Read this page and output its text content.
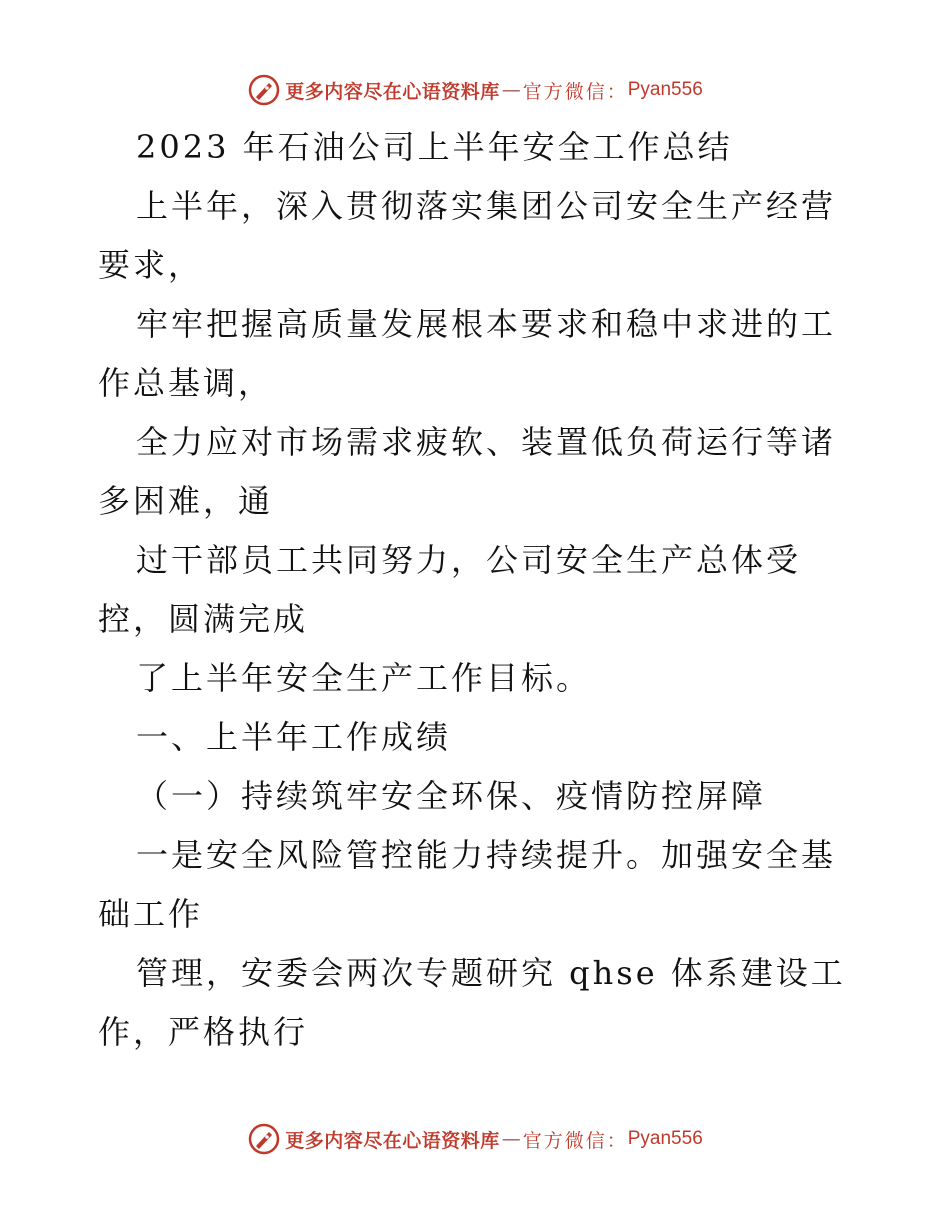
更多内容尽在心语资料库 — 官方微信： Pyan556

2023 年石油公司上半年安全工作总结

上半年，深入贯彻落实集团公司安全生产经营要求，

牢牢把握高质量发展根本要求和稳中求进的工作总基调，

全力应对市场需求疲软、装置低负荷运行等诸多困难，通

过干部员工共同努力，公司安全生产总体受控，圆满完成

了上半年安全生产工作目标。

一、上半年工作成绩

（一）持续筑牢安全环保、疫情防控屏障

一是安全风险管控能力持续提升。加强安全基础工作

管理，安委会两次专题研究 qhse 体系建设工作，严格执行

更多内容尽在心语资料库 — 官方微信： Pyan556
